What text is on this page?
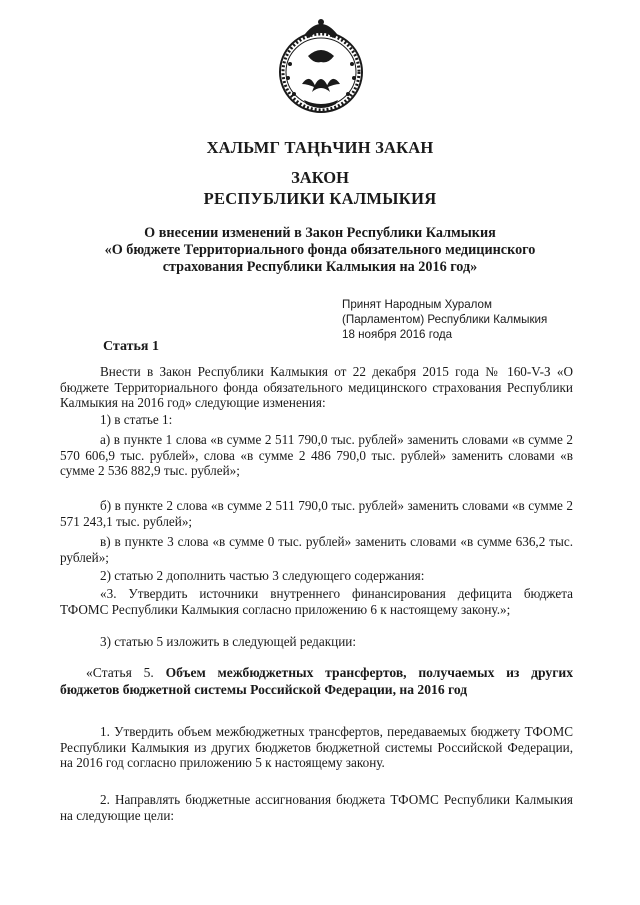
ХАЛЬМГ ТАҢҺЧИН ЗАКАН

ЗАКОН

РЕСПУБЛИКИ КАЛМЫКИЯ

О внесении изменений в Закон Республики Калмыкия
«О бюджете Территориального фонда обязательного медицинского
страхования Республики Калмыкия на 2016 год»
Принят Народным Хуралом
(Парламентом) Республики Калмыкия
18 ноября 2016 года

Статья 1

Внести в Закон Республики Калмыкия от 22 декабря 2015 года № 160-V-З «О бюджете Территориального фонда обязательного медицинского страхования Республики Калмыкия на 2016 год» следующие изменения:

1) в статье 1:

а) в пункте 1 слова «в сумме 2 511 790,0 тыс. рублей» заменить словами «в сумме 2 570 606,9 тыс. рублей», слова «в сумме 2 486 790,0 тыс. рублей» заменить словами «в сумме 2 536 882,9 тыс. рублей»;

б) в пункте 2 слова «в сумме 2 511 790,0 тыс. рублей» заменить словами «в сумме 2 571 243,1 тыс. рублей»;

в) в пункте 3 слова «в сумме 0 тыс. рублей» заменить словами «в сумме 636,2 тыс. рублей»;

2) статью 2 дополнить частью 3 следующего содержания:

«3. Утвердить источники внутреннего финансирования дефицита бюджета ТФОМС Республики Калмыкия согласно приложению 6 к настоящему закону.»;

3) статью 5 изложить в следующей редакции:

«Статья 5. Объем межбюджетных трансфертов, получаемых из других бюджетов бюджетной системы Российской Федерации, на 2016 год

1. Утвердить объем межбюджетных трансфертов, передаваемых бюджету ТФОМС Республики Калмыкия из других бюджетов бюджетной системы Российской Федерации, на 2016 год согласно приложению 5 к настоящему закону.

2. Направлять бюджетные ассигнования бюджета ТФОМС Республики Калмыкия на следующие цели:
